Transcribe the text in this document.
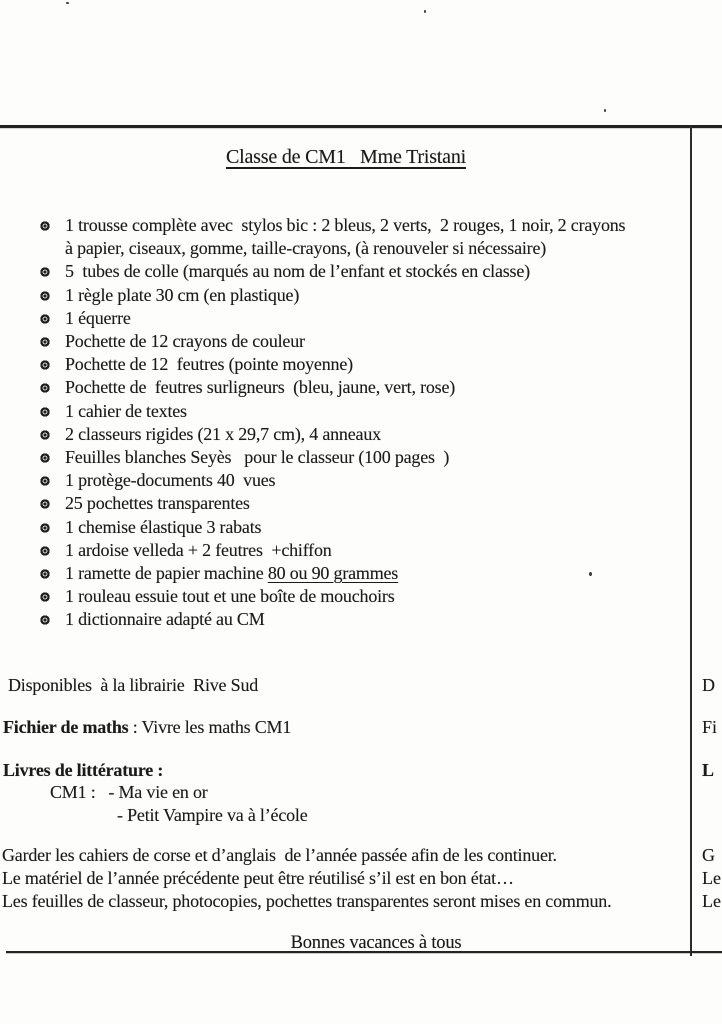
Classe de CM1   Mme Tristani
1 trousse complète avec  stylos bic : 2 bleus, 2 verts,  2 rouges, 1 noir, 2 crayons
à papier, ciseaux, gomme, taille-crayons, (à renouveler si nécessaire)
5  tubes de colle (marqués au nom de l’enfant et stockés en classe)
1 règle plate 30 cm (en plastique)
1 équerre
Pochette de 12 crayons de couleur
Pochette de 12  feutres (pointe moyenne)
Pochette de  feutres surligneurs  (bleu, jaune, vert, rose)
1 cahier de textes
2 classeurs rigides (21 x 29,7 cm), 4 anneaux
Feuilles blanches Seyès   pour le classeur (100 pages  )
1 protège-documents 40  vues
25 pochettes transparentes
1 chemise élastique 3 rabats
1 ardoise velleda + 2 feutres  +chiffon
1 ramette de papier machine 80 ou 90 grammes
1 rouleau essuie tout et une boîte de mouchoirs
1 dictionnaire adapté au CM
Disponibles  à la librairie  Rive Sud
Fichier de maths : Vivre les maths CM1
Livres de littérature :
CM1 :   - Ma vie en or
- Petit Vampire va à l’école
Garder les cahiers de corse et d’anglais  de l’année passée afin de les continuer.
Le matériel de l’année précédente peut être réutilisé s’il est en bon état…
Les feuilles de classeur, photocopies, pochettes transparentes seront mises en commun.
Bonnes vacances à tous
D
Fi
L
G
Le
Le
